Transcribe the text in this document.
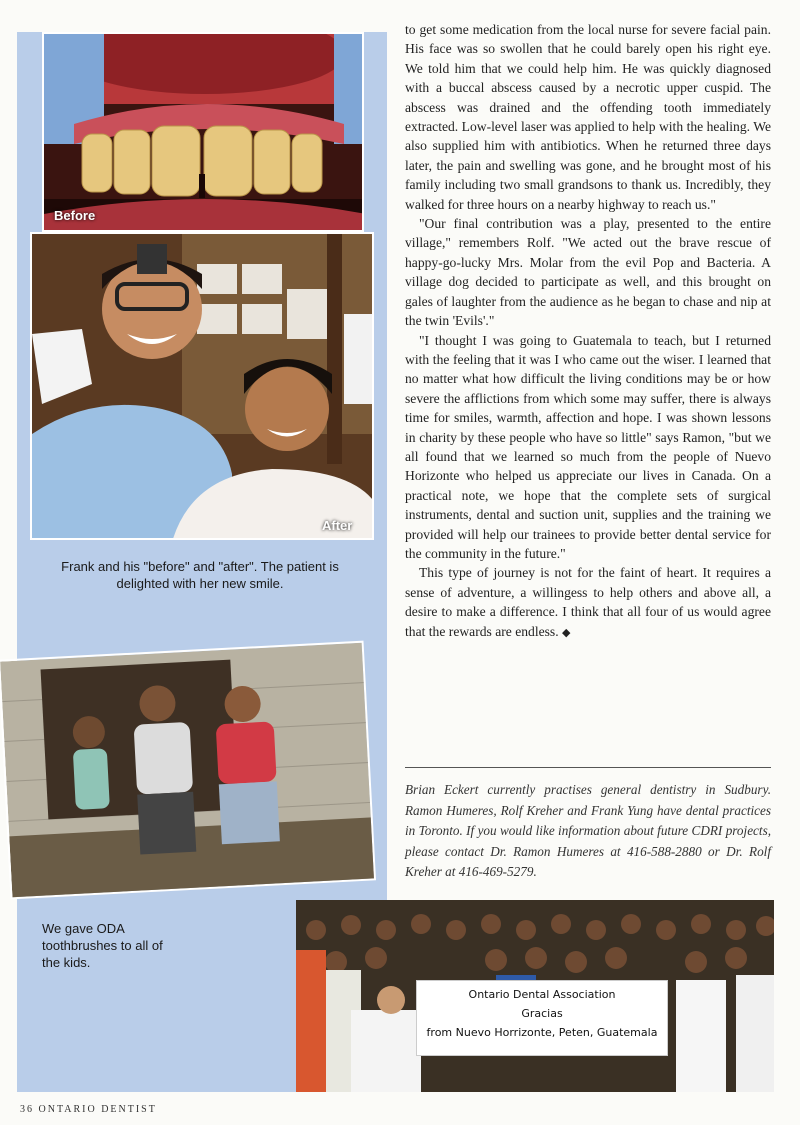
Before
After
Frank and his "before" and "after". The patient is delighted with her new smile.
We gave ODA toothbrushes to all of the kids.
Ontario Dental Association
Gracias
from Nuevo Horrizonte, Peten, Guatemala

to get some medication from the local nurse for severe facial pain. His face was so swollen that he could barely open his right eye. We told him that we could help him. He was quickly diagnosed with a buccal abscess caused by a necrotic upper cuspid. The abscess was drained and the offending tooth immediately extracted. Low-level laser was applied to help with the healing. We also supplied him with antibiotics. When he returned three days later, the pain and swelling was gone, and he brought most of his family including two small grandsons to thank us. Incredibly, they walked for three hours on a nearby highway to reach us."

"Our final contribution was a play, presented to the entire village," remembers Rolf. "We acted out the brave rescue of happy-go-lucky Mrs. Molar from the evil Pop and Bacteria. A village dog decided to participate as well, and this brought on gales of laughter from the audience as he began to chase and nip at the twin 'Evils'."

"I thought I was going to Guatemala to teach, but I returned with the feeling that it was I who came out the wiser. I learned that no matter what how difficult the living conditions may be or how severe the afflictions from which some may suffer, there is always time for smiles, warmth, affection and hope. I was shown lessons in charity by these people who have so little" says Ramon, "but we all found that we learned so much from the people of Nuevo Horizonte who helped us appreciate our lives in Canada. On a practical note, we hope that the complete sets of surgical instruments, dental and suction unit, supplies and the training we provided will help our trainees to provide better dental service for the community in the future."

This type of journey is not for the faint of heart. It requires a sense of adventure, a willingess to help others and above all, a desire to make a difference. I think that all four of us would agree that the rewards are endless. ◆

Brian Eckert currently practises general dentistry in Sudbury. Ramon Humeres, Rolf Kreher and Frank Yung have dental practices in Toronto. If you would like information about future CDRI projects, please contact Dr. Ramon Humeres at 416-588-2880 or Dr. Rolf Kreher at 416-469-5279.
36 ONTARIO DENTIST
